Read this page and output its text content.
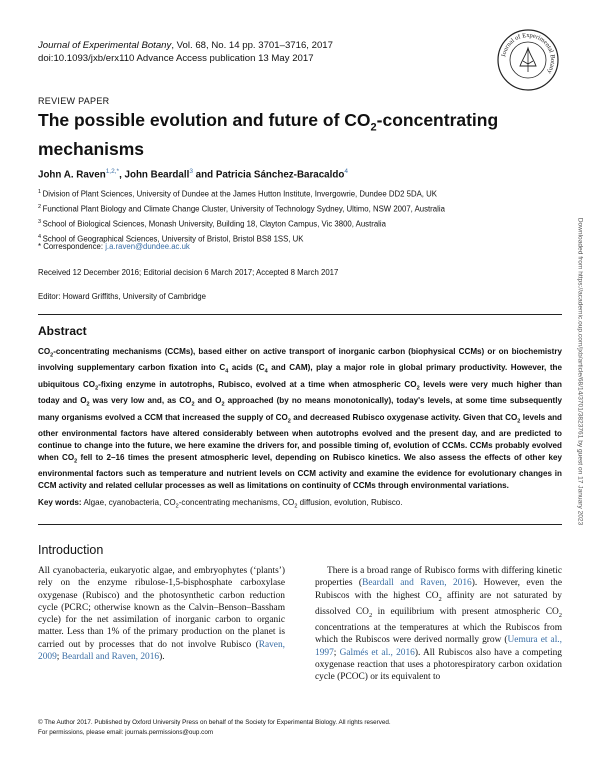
Journal of Experimental Botany, Vol. 68, No. 14 pp. 3701–3716, 2017
doi:10.1093/jxb/erx110 Advance Access publication 13 May 2017	Journal of Experimental Botany
REVIEW PAPER
The possible evolution and future of $CO_2$-concentrating mechanisms
John A. Raven$^{1,2,*}$, John Beardall$^3$ and Patricia Sánchez-Baracaldo$^4$
$^1$ Division of Plant Sciences, University of Dundee at the James Hutton Institute, Invergowrie, Dundee DD2 5DA, UK
$^2$ Functional Plant Biology and Climate Change Cluster, University of Technology Sydney, Ultimo, NSW 2007, Australia
$^3$ School of Biological Sciences, Monash University, Building 18, Clayton Campus, Vic 3800, Australia
$^4$ School of Geographical Sciences, University of Bristol, Bristol BS8 1SS, UK
* Correspondence: j.a.raven@dundee.ac.uk
Received 12 December 2016; Editorial decision 6 March 2017; Accepted 8 March 2017
Editor: Howard Griffiths, University of Cambridge
Abstract
$CO_2$-concentrating mechanisms (CCMs), based either on active transport of inorganic carbon (biophysical CCMs) or on biochemistry involving supplementary carbon fixation into $C_4$ acids ($C_4$ and CAM), play a major role in global primary productivity. However, the ubiquitous $CO_2$-fixing enzyme in autotrophs, Rubisco, evolved at a time when atmospheric $CO_2$ levels were very much higher than today and $O_2$ was very low and, as $CO_2$ and $O_2$ approached (by no means monotonically), today's levels, at some time subsequently many organisms evolved a CCM that increased the supply of $CO_2$ and decreased Rubisco oxygenase activity. Given that $CO_2$ levels and other environmental factors have altered considerably between when autotrophs evolved and the present day, and are predicted to continue to change into the future, we here examine the drivers for, and possible timing of, evolution of CCMs. CCMs probably evolved when $CO_2$ fell to 2–16 times the present atmospheric level, depending on Rubisco kinetics. We also assess the effects of other key environmental factors such as temperature and nutrient levels on CCM activity and examine the evidence for evolutionary changes in CCM activity and related cellular processes as well as limitations on continuity of CCMs through environmental variations.
Key words: Algae, cyanobacteria, $CO_2$-concentrating mechanisms, $CO_2$ diffusion, evolution, Rubisco.
Introduction

All cyanobacteria, eukaryotic algae, and embryophytes (‘plants’) rely on the enzyme ribulose-1,5-bisphosphate carboxylase oxygenase (Rubisco) and the photosynthetic carbon reduction cycle (PCRC; otherwise known as the Calvin–Benson–Bassham cycle) for the net assimilation of inorganic carbon to organic matter. Less than 1% of the primary production on the planet is carried out by processes that do not involve Rubisco (Raven, 2009; Beardall and Raven, 2016).

There is a broad range of Rubisco forms with differing kinetic properties (Beardall and Raven, 2016). However, even the Rubiscos with the highest $CO_2$ affinity are not saturated by dissolved $CO_2$ in equilibrium with present atmospheric $CO_2$ concentrations at the temperatures at which the Rubiscos from which the Rubiscos were derived normally grow (Uemura et al., 1997; Galmés et al., 2016). All Rubiscos also have a competing oxygenase reaction that uses a photorespiratory carbon oxidation cycle (PCOC) or its equivalent to

© The Author 2017. Published by Oxford University Press on behalf of the Society for Experimental Biology. All rights reserved.
For permissions, please email: journals.permissions@oup.com
Downloaded from https://academic.oup.com/jxb/article/68/14/3701/3823761 by guest on 17 January 2023
